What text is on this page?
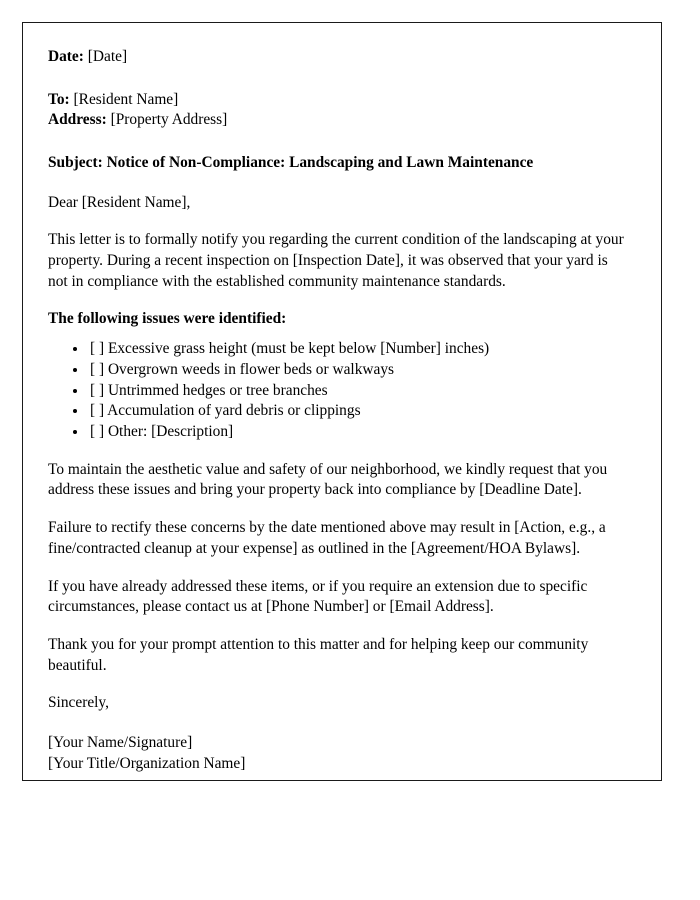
Date: [Date]
To: [Resident Name]
Address: [Property Address]
Subject: Notice of Non-Compliance: Landscaping and Lawn Maintenance
Dear [Resident Name],

This letter is to formally notify you regarding the current condition of the landscaping at your property. During a recent inspection on [Inspection Date], it was observed that your yard is not in compliance with the established community maintenance standards.

The following issues were identified:
• [ ] Excessive grass height (must be kept below [Number] inches)
• [ ] Overgrown weeds in flower beds or walkways
• [ ] Untrimmed hedges or tree branches
• [ ] Accumulation of yard debris or clippings
• [ ] Other: [Description]

To maintain the aesthetic value and safety of our neighborhood, we kindly request that you address these issues and bring your property back into compliance by [Deadline Date].

Failure to rectify these concerns by the date mentioned above may result in [Action, e.g., a fine/contracted cleanup at your expense] as outlined in the [Agreement/HOA Bylaws].

If you have already addressed these items, or if you require an extension due to specific circumstances, please contact us at [Phone Number] or [Email Address].

Thank you for your prompt attention to this matter and for helping keep our community beautiful.

Sincerely,
[Your Name/Signature]
[Your Title/Organization Name]
